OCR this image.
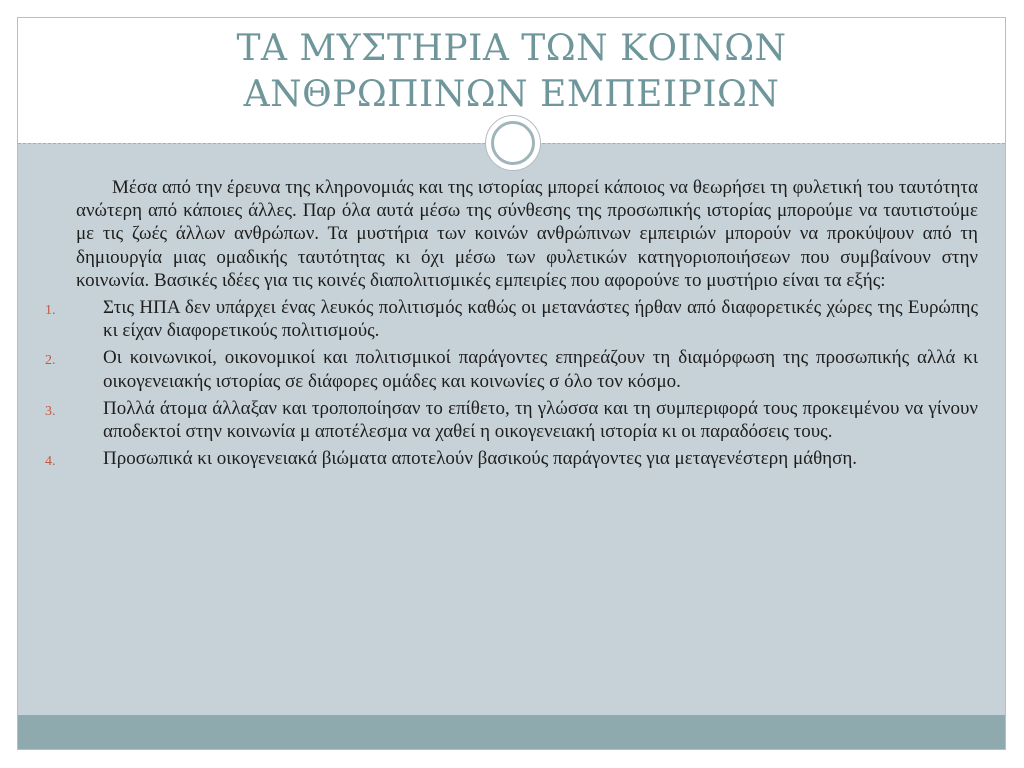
ΤΑ ΜΥΣΤΗΡΙΑ ΤΩΝ ΚΟΙΝΩΝ
ΑΝΘΡΩΠΙΝΩΝ ΕΜΠΕΙΡΙΩΝ

Μέσα από την έρευνα της κληρονομιάς και της ιστορίας μπορεί κάποιος να θεωρήσει τη φυλετική του ταυτότητα ανώτερη από κάποιες άλλες. Παρ όλα αυτά μέσω της σύνθεσης της προσωπικής ιστορίας μπορούμε να ταυτιστούμε με τις ζωές άλλων ανθρώπων. Τα μυστήρια των κοινών ανθρώπινων εμπειριών μπορούν να προκύψουν από τη δημιουργία μιας ομαδικής ταυτότητας κι όχι μέσω των φυλετικών κατηγοριοποιήσεων που συμβαίνουν στην κοινωνία. Βασικές ιδέες για τις κοινές διαπολιτισμικές εμπειρίες που αφορούνε το μυστήριο είναι τα εξής:

1.	Στις ΗΠΑ δεν υπάρχει ένας λευκός πολιτισμός καθώς οι μετανάστες ήρθαν από διαφορετικές χώρες της Ευρώπης κι είχαν διαφορετικούς πολιτισμούς.
2.	Οι κοινωνικοί, οικονομικοί και πολιτισμικοί παράγοντες επηρεάζουν τη διαμόρφωση της προσωπικής αλλά κι οικογενειακής ιστορίας σε διάφορες ομάδες και κοινωνίες σ όλο τον κόσμο.
3.	Πολλά άτομα άλλαξαν και τροποποίησαν το επίθετο, τη γλώσσα και τη συμπεριφορά τους προκειμένου να γίνουν αποδεκτοί στην κοινωνία μ αποτέλεσμα να χαθεί η οικογενειακή ιστορία κι οι παραδόσεις τους.
4.	Προσωπικά κι οικογενειακά βιώματα αποτελούν βασικούς παράγοντες για μεταγενέστερη μάθηση.
